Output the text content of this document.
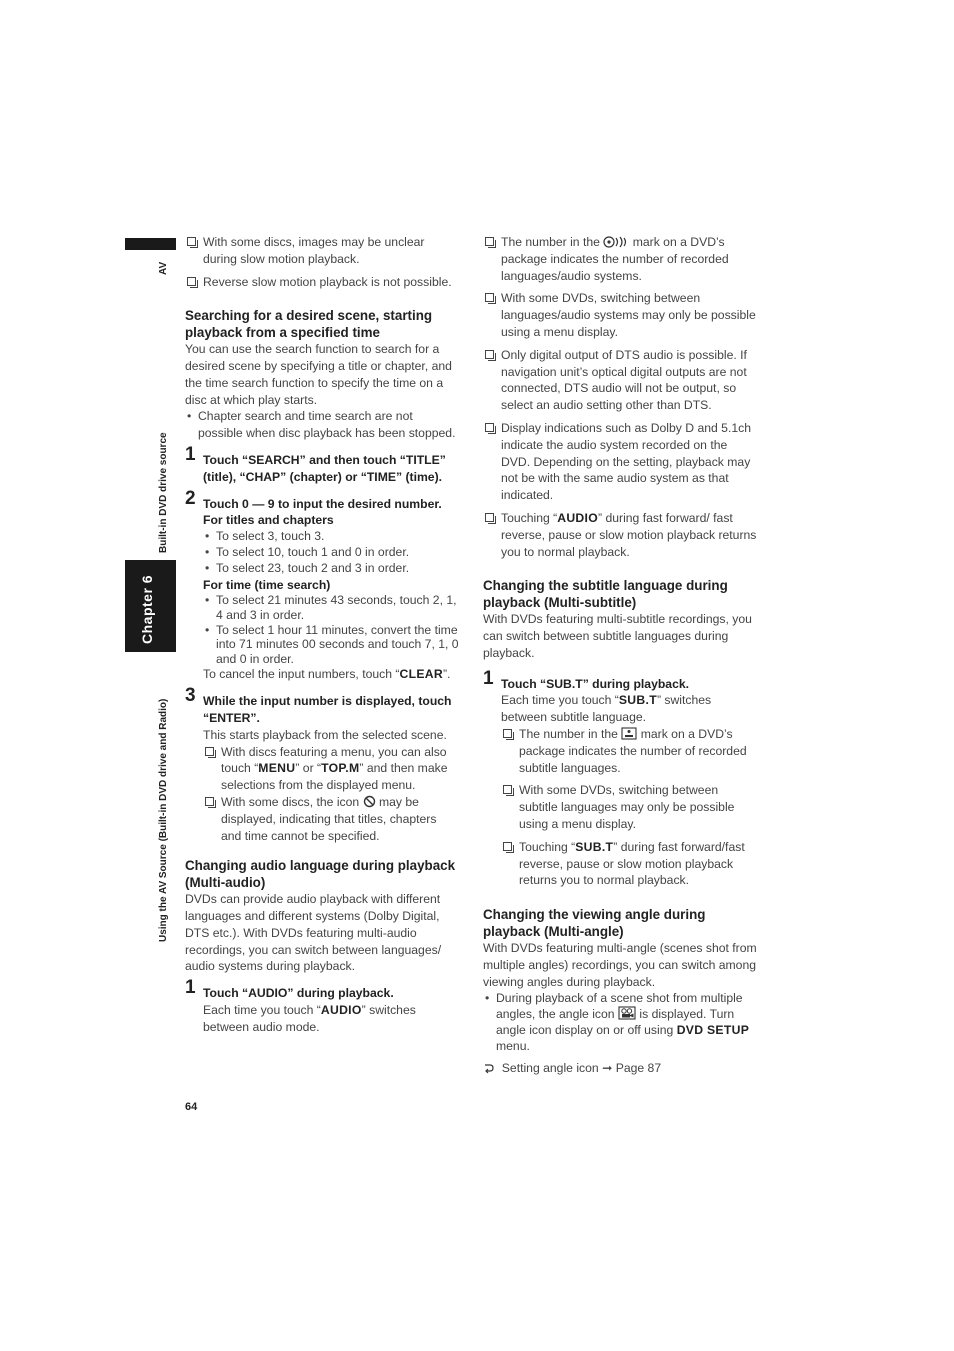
AV
Built-in DVD drive source
Chapter 6
Using the AV Source (Built-in DVD drive and Radio)
With some discs, images may be unclear during slow motion playback.
Reverse slow motion playback is not possible.

Searching for a desired scene, starting playback from a specified time

You can use the search function to search for a desired scene by specifying a title or chapter, and the time search function to specify the time on a disc at which play starts.

• Chapter search and time search are not possible when disc playback has been stopped.
1 Touch “SEARCH” and then touch “TITLE” (title), “CHAP” (chapter) or “TIME” (time).
2 Touch 0 — 9 to input the desired number.

For titles and chapters

• To select 3, touch 3.
• To select 10, touch 1 and 0 in order.
• To select 23, touch 2 and 3 in order.

For time (time search)

• To select 21 minutes 43 seconds, touch 2, 1, 4 and 3 in order.
• To select 1 hour 11 minutes, convert the time into 71 minutes 00 seconds and touch 7, 1, 0 and 0 in order.

To cancel the input numbers, touch “CLEAR”.

3 While the input number is displayed, touch “ENTER”.

This starts playback from the selected scene.

With discs featuring a menu, you can also touch “MENU” or “TOP.M” and then make selections from the displayed menu.
With some discs, the icon may be displayed, indicating that titles, chapters and time cannot be specified.

Changing audio language during playback (Multi-audio)

DVDs can provide audio playback with different languages and different systems (Dolby Digital, DTS etc.). With DVDs featuring multi-audio recordings, you can switch between languages/ audio systems during playback.

1 Touch “AUDIO” during playback.

Each time you touch “AUDIO” switches between audio mode.

The number in the	mark on a DVD’s package indicates the number of recorded languages/audio systems.
With some DVDs, switching between languages/audio systems may only be possible using a menu display.
Only digital output of DTS audio is possible. If navigation unit’s optical digital outputs are not connected, DTS audio will not be output, so select an audio setting other than DTS.
Display indications such as Dolby D and 5.1ch indicate the audio system recorded on the DVD. Depending on the setting, playback may not be with the same audio system as that indicated.
Touching “AUDIO” during fast forward/ fast reverse, pause or slow motion playback returns you to normal playback.

Changing the subtitle language during playback (Multi-subtitle)

With DVDs featuring multi-subtitle recordings, you can switch between subtitle languages during playback.

1 Touch “SUB.T” during playback.

Each time you touch “SUB.T” switches between subtitle language.

The number in the mark on a DVD’s package indicates the number of recorded subtitle languages.
With some DVDs, switching between subtitle languages may only be possible using a menu display.
Touching “SUB.T” during fast forward/fast reverse, pause or slow motion playback returns you to normal playback.

Changing the viewing angle during playback (Multi-angle)

With DVDs featuring multi-angle (scenes shot from multiple angles) recordings, you can switch among viewing angles during playback.

• During playback of a scene shot from multiple angles, the angle icon is displayed. Turn angle icon display on or off using DVD SETUP menu.

Setting angle icon ➞ Page 87

64
